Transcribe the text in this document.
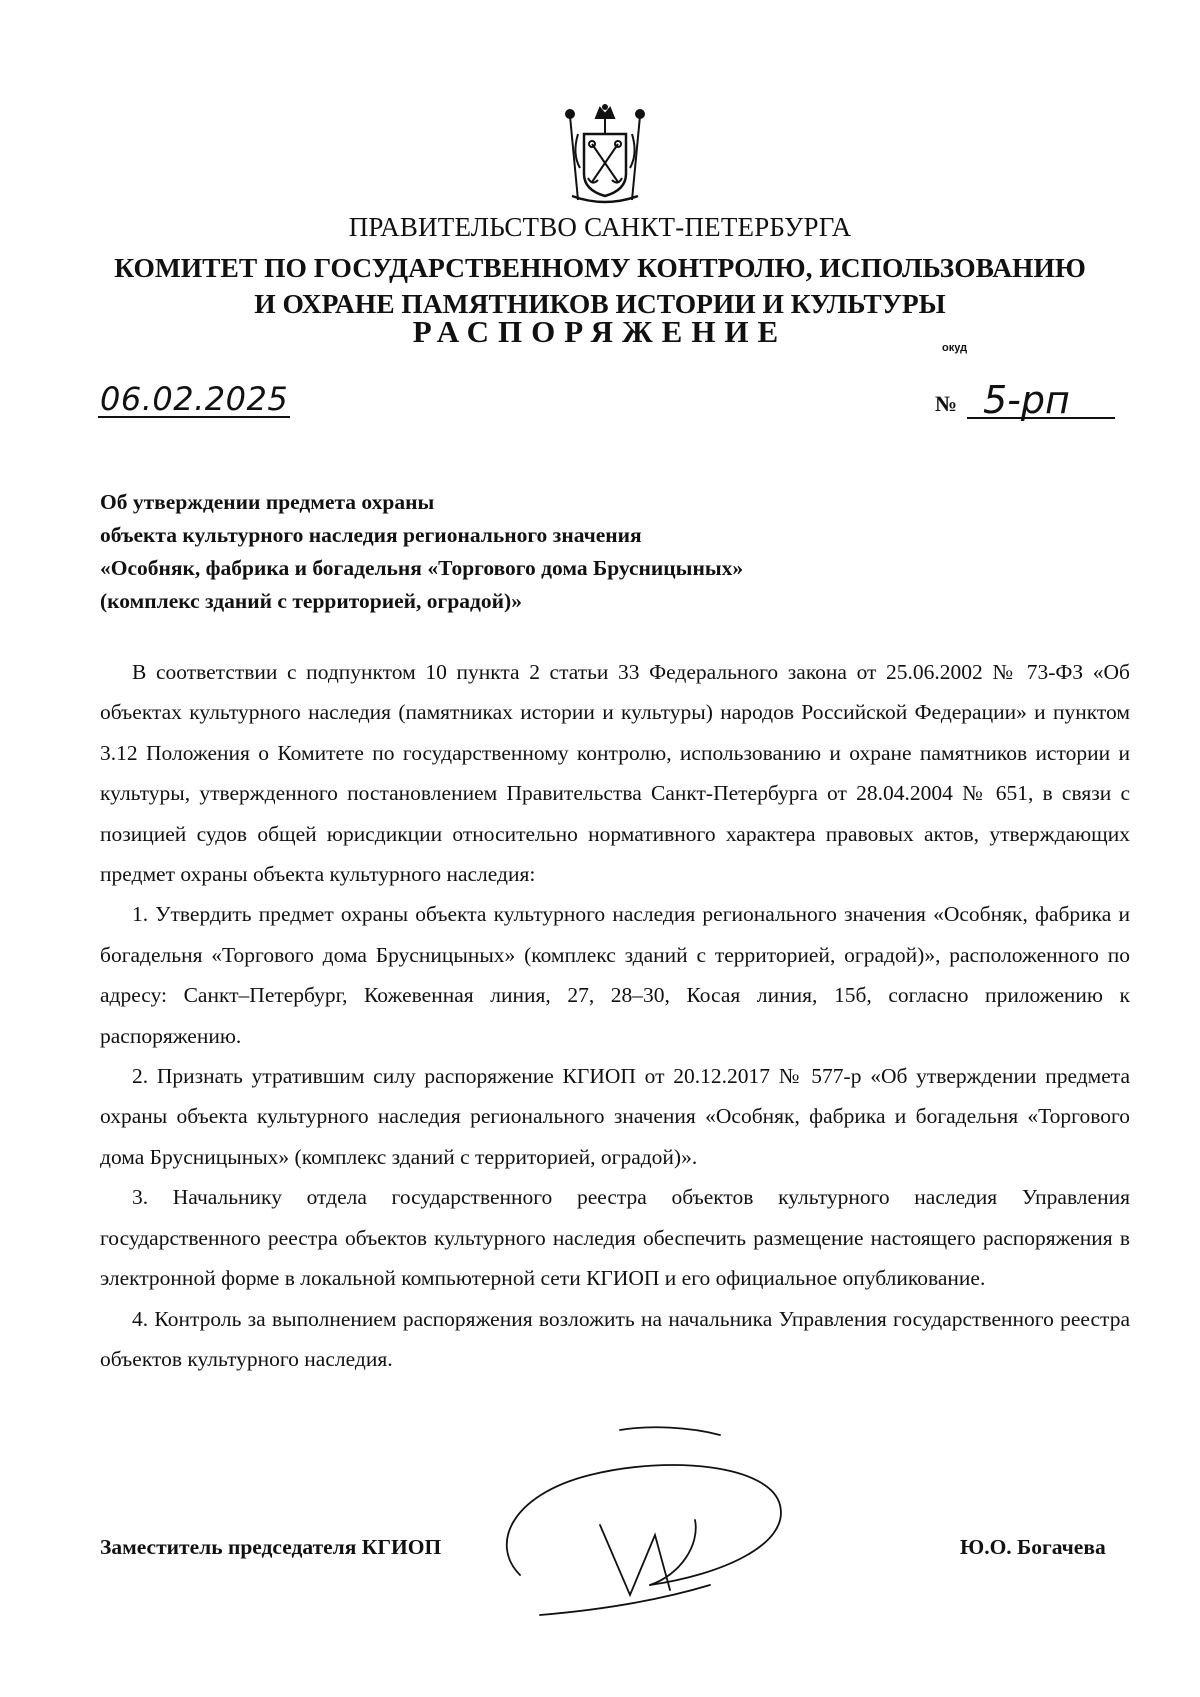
ПРАВИТЕЛЬСТВО САНКТ-ПЕТЕРБУРГА
КОМИТЕТ ПО ГОСУДАРСТВЕННОМУ КОНТРОЛЮ, ИСПОЛЬЗОВАНИЮ
И ОХРАНЕ ПАМЯТНИКОВ ИСТОРИИ И КУЛЬТУРЫ
РАСПОРЯЖЕНИЕ	окуд
06.02.2025	№ 5-рп
Об утверждении предмета охраны
объекта культурного наследия регионального значения
«Особняк, фабрика и богадельня «Торгового дома Брусницыных»
(комплекс зданий с территорией, оградой)»

В соответствии с подпунктом 10 пункта 2 статьи 33 Федерального закона от 25.06.2002 № 73-ФЗ «Об объектах культурного наследия (памятниках истории и культуры) народов Российской Федерации» и пунктом 3.12 Положения о Комитете по государственному контролю, использованию и охране памятников истории и культуры, утвержденного постановлением Правительства Санкт-Петербурга от 28.04.2004 № 651, в связи с позицией судов общей юрисдикции относительно нормативного характера правовых актов, утверждающих предмет охраны объекта культурного наследия:

1. Утвердить предмет охраны объекта культурного наследия регионального значения «Особняк, фабрика и богадельня «Торгового дома Брусницыных» (комплекс зданий с территорией, оградой)», расположенного по адресу: Санкт–Петербург, Кожевенная линия, 27, 28–30, Косая линия, 15б, согласно приложению к распоряжению.

2. Признать утратившим силу распоряжение КГИОП от 20.12.2017 № 577-р «Об утверждении предмета охраны объекта культурного наследия регионального значения «Особняк, фабрика и богадельня «Торгового дома Брусницыных» (комплекс зданий с территорией, оградой)».

3. Начальнику отдела государственного реестра объектов культурного наследия Управления государственного реестра объектов культурного наследия обеспечить размещение настоящего распоряжения в электронной форме в локальной компьютерной сети КГИОП и его официальное опубликование.

4. Контроль за выполнением распоряжения возложить на начальника Управления государственного реестра объектов культурного наследия.

Заместитель председателя КГИОП	Ю.О. Богачева
